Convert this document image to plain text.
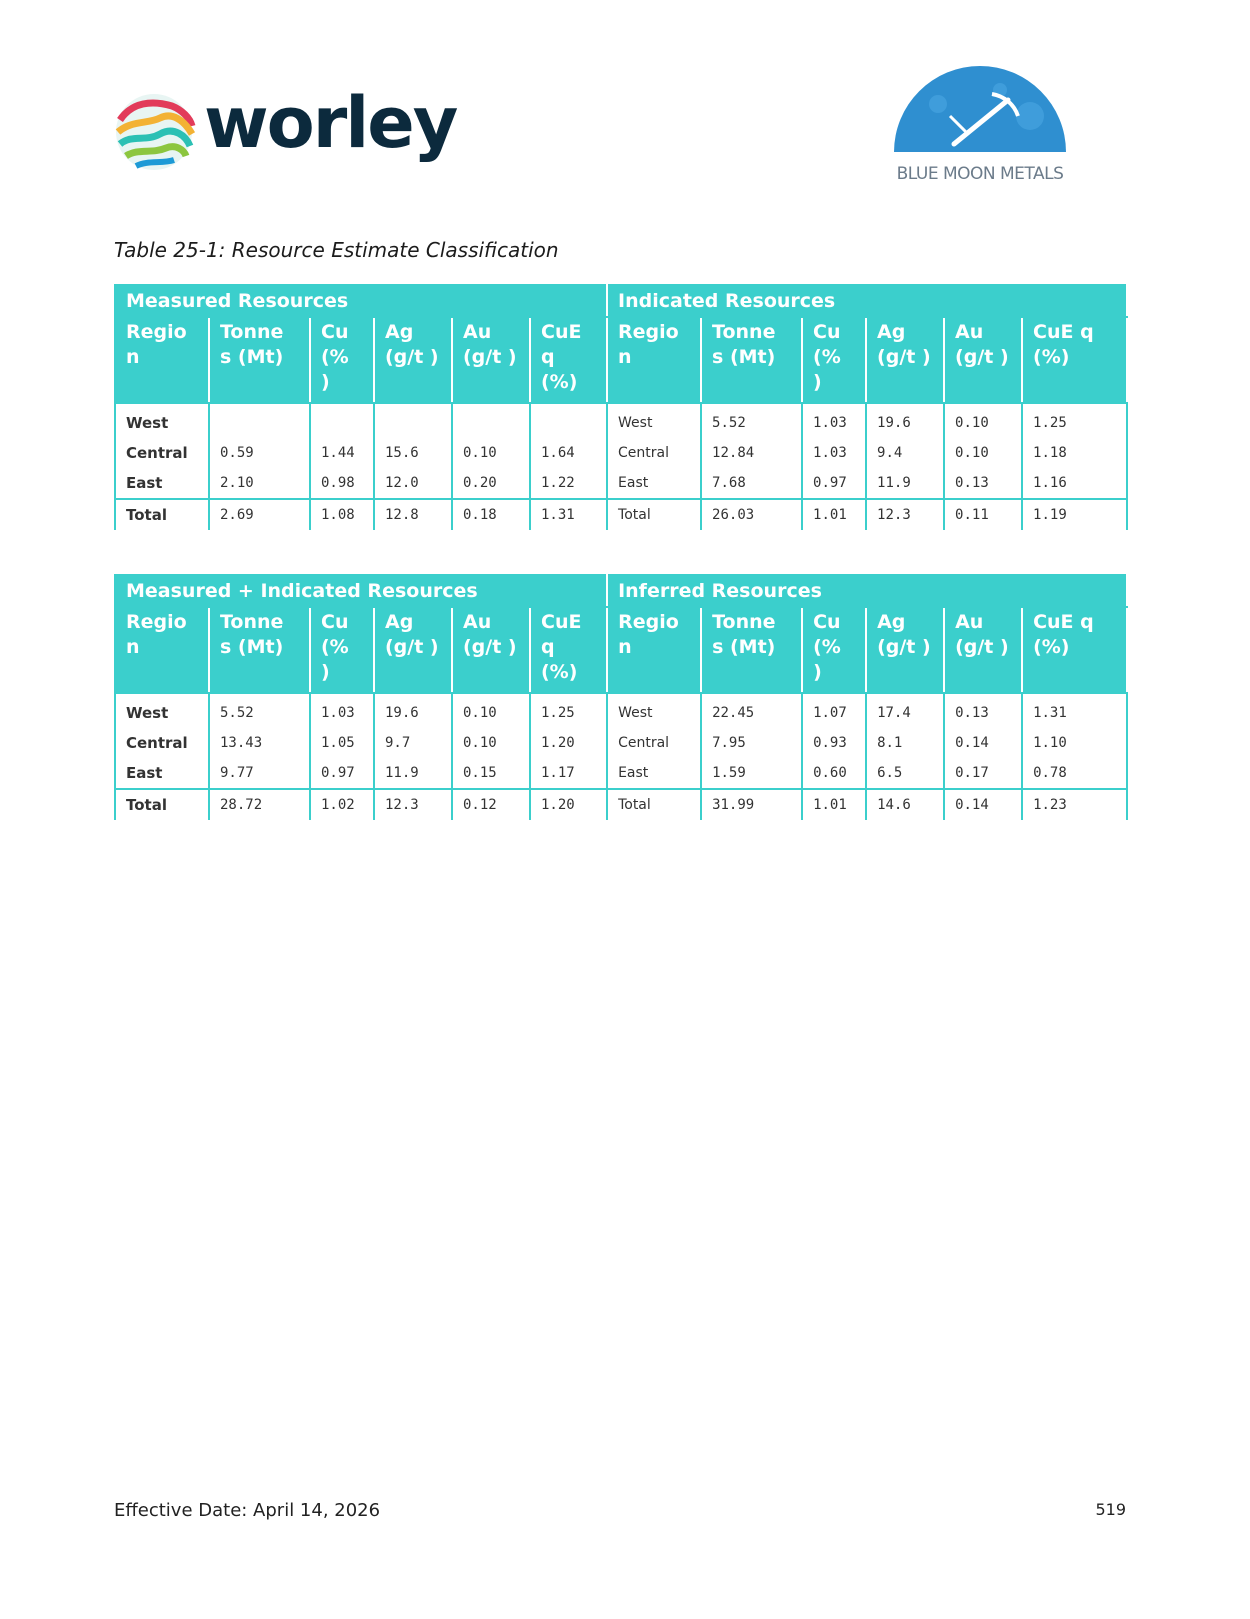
worley
BLUE MOON METALS
Table 25-1: Resource Estimate Classification
Measured Resources						Indicated Resources					
Regio n	Tonne s (Mt)	Cu (% )	Ag (g/t )	Au (g/t )	CuE q (%)	Regio n	Tonne s (Mt)	Cu (% )	Ag (g/t )	Au (g/t )	CuE q (%)
West						West	5.52	1.03	19.6	0.10	1.25
Central	0.59	1.44	15.6	0.10	1.64	Central	12.84	1.03	9.4	0.10	1.18
East	2.10	0.98	12.0	0.20	1.22	East	7.68	0.97	11.9	0.13	1.16
Total	2.69	1.08	12.8	0.18	1.31	Total	26.03	1.01	12.3	0.11	1.19
Measured + Indicated Resources						Inferred Resources					
Regio n	Tonne s (Mt)	Cu (% )	Ag (g/t )	Au (g/t )	CuE q (%)	Regio n	Tonne s (Mt)	Cu (% )	Ag (g/t )	Au (g/t )	CuE q (%)
West	5.52	1.03	19.6	0.10	1.25	West	22.45	1.07	17.4	0.13	1.31
Central	13.43	1.05	9.7	0.10	1.20	Central	7.95	0.93	8.1	0.14	1.10
East	9.77	0.97	11.9	0.15	1.17	East	1.59	0.60	6.5	0.17	0.78
Total	28.72	1.02	12.3	0.12	1.20	Total	31.99	1.01	14.6	0.14	1.23
Effective Date: April 14, 2026	519
